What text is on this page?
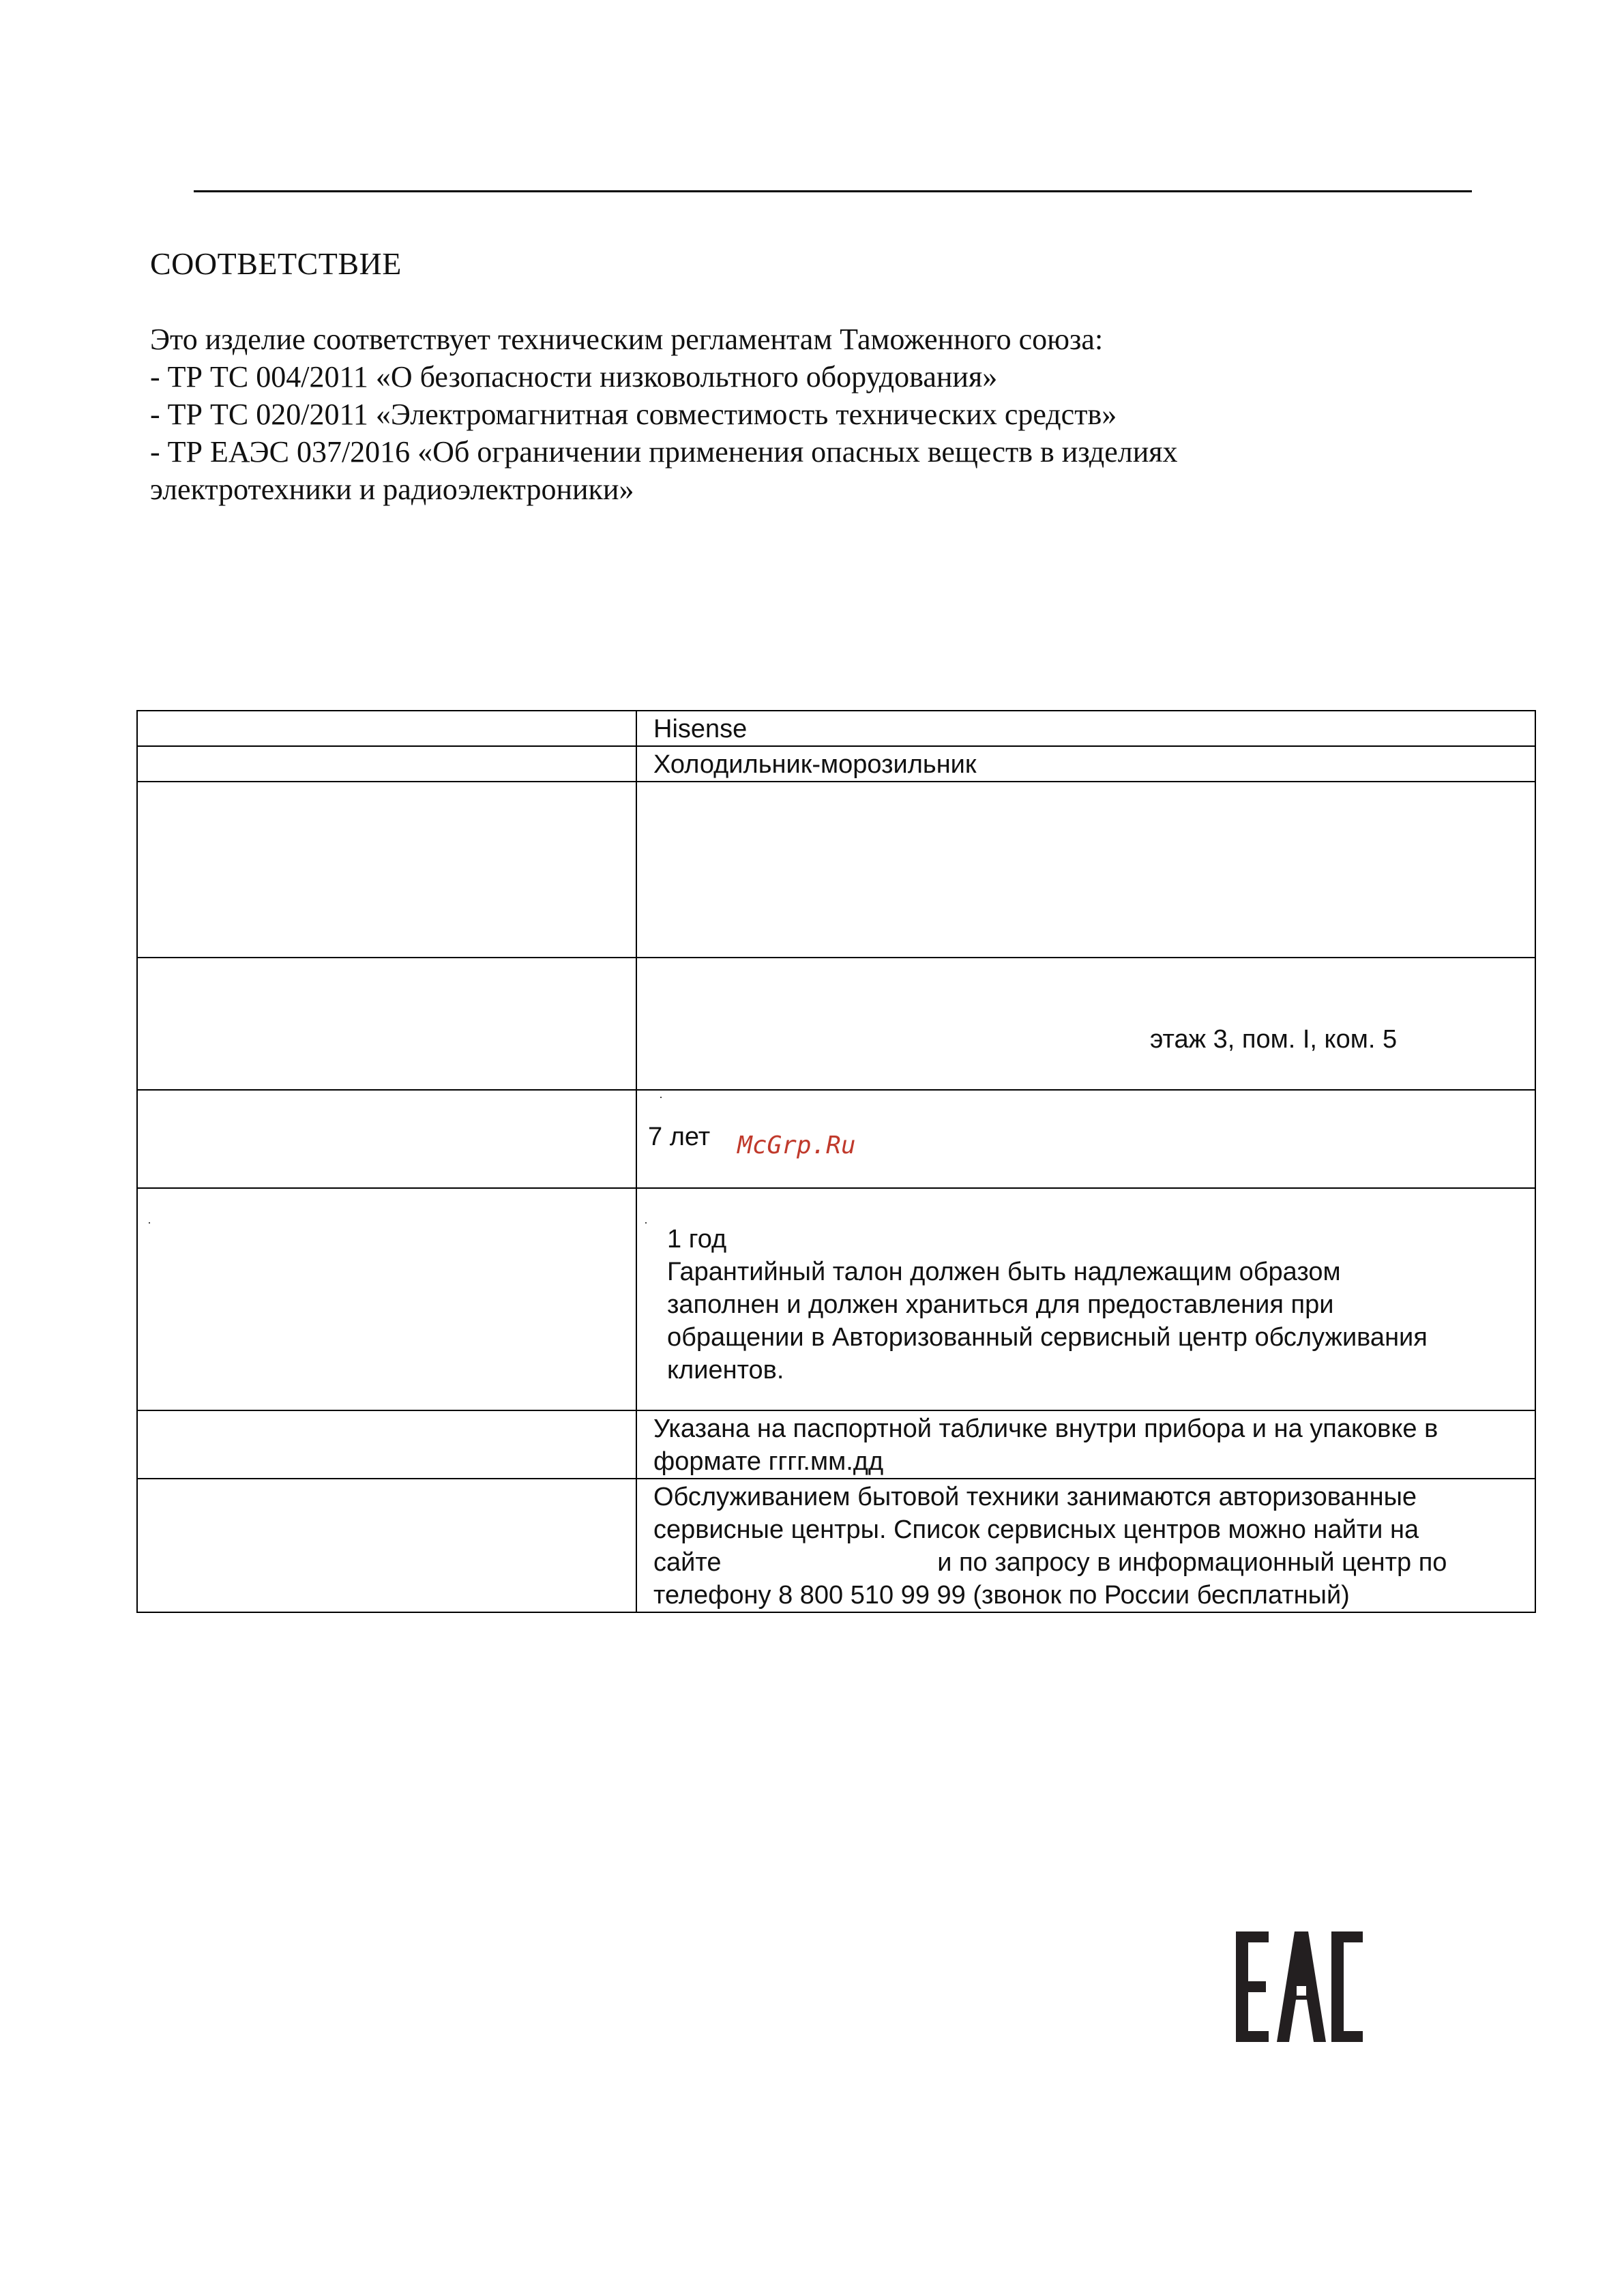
СООТВЕТСТВИЕ
Это изделие соответствует техническим регламентам Таможенного союза:
- ТР ТС 004/2011 «О безопасности низковольтного оборудования»
- ТР ТС 020/2011 «Электромагнитная совместимость технических средств»
- ТР ЕАЭС 037/2016 «Об ограничении применения опасных веществ в изделиях
электротехники и радиоэлектроники»

	Hisense

	Холодильник-морозильник

	этаж 3, пом. I, ком. 5

	7 лет McGrp.Ru

	1 год
Гарантийный талон должен быть надлежащим образом
заполнен и должен храниться для предоставления при
обращении в Авторизованный сервисный центр обслуживания
клиентов.

	Указана на паспортной табличке внутри прибора и на упаковке в
формате гггг.мм.дд

	Обслуживанием бытовой техники занимаются авторизованные
сервисные центры. Список сервисных центров можно найти на
сайте                              и по запросу в информационный центр по
телефону 8 800 510 99 99 (звонок по России бесплатный)
